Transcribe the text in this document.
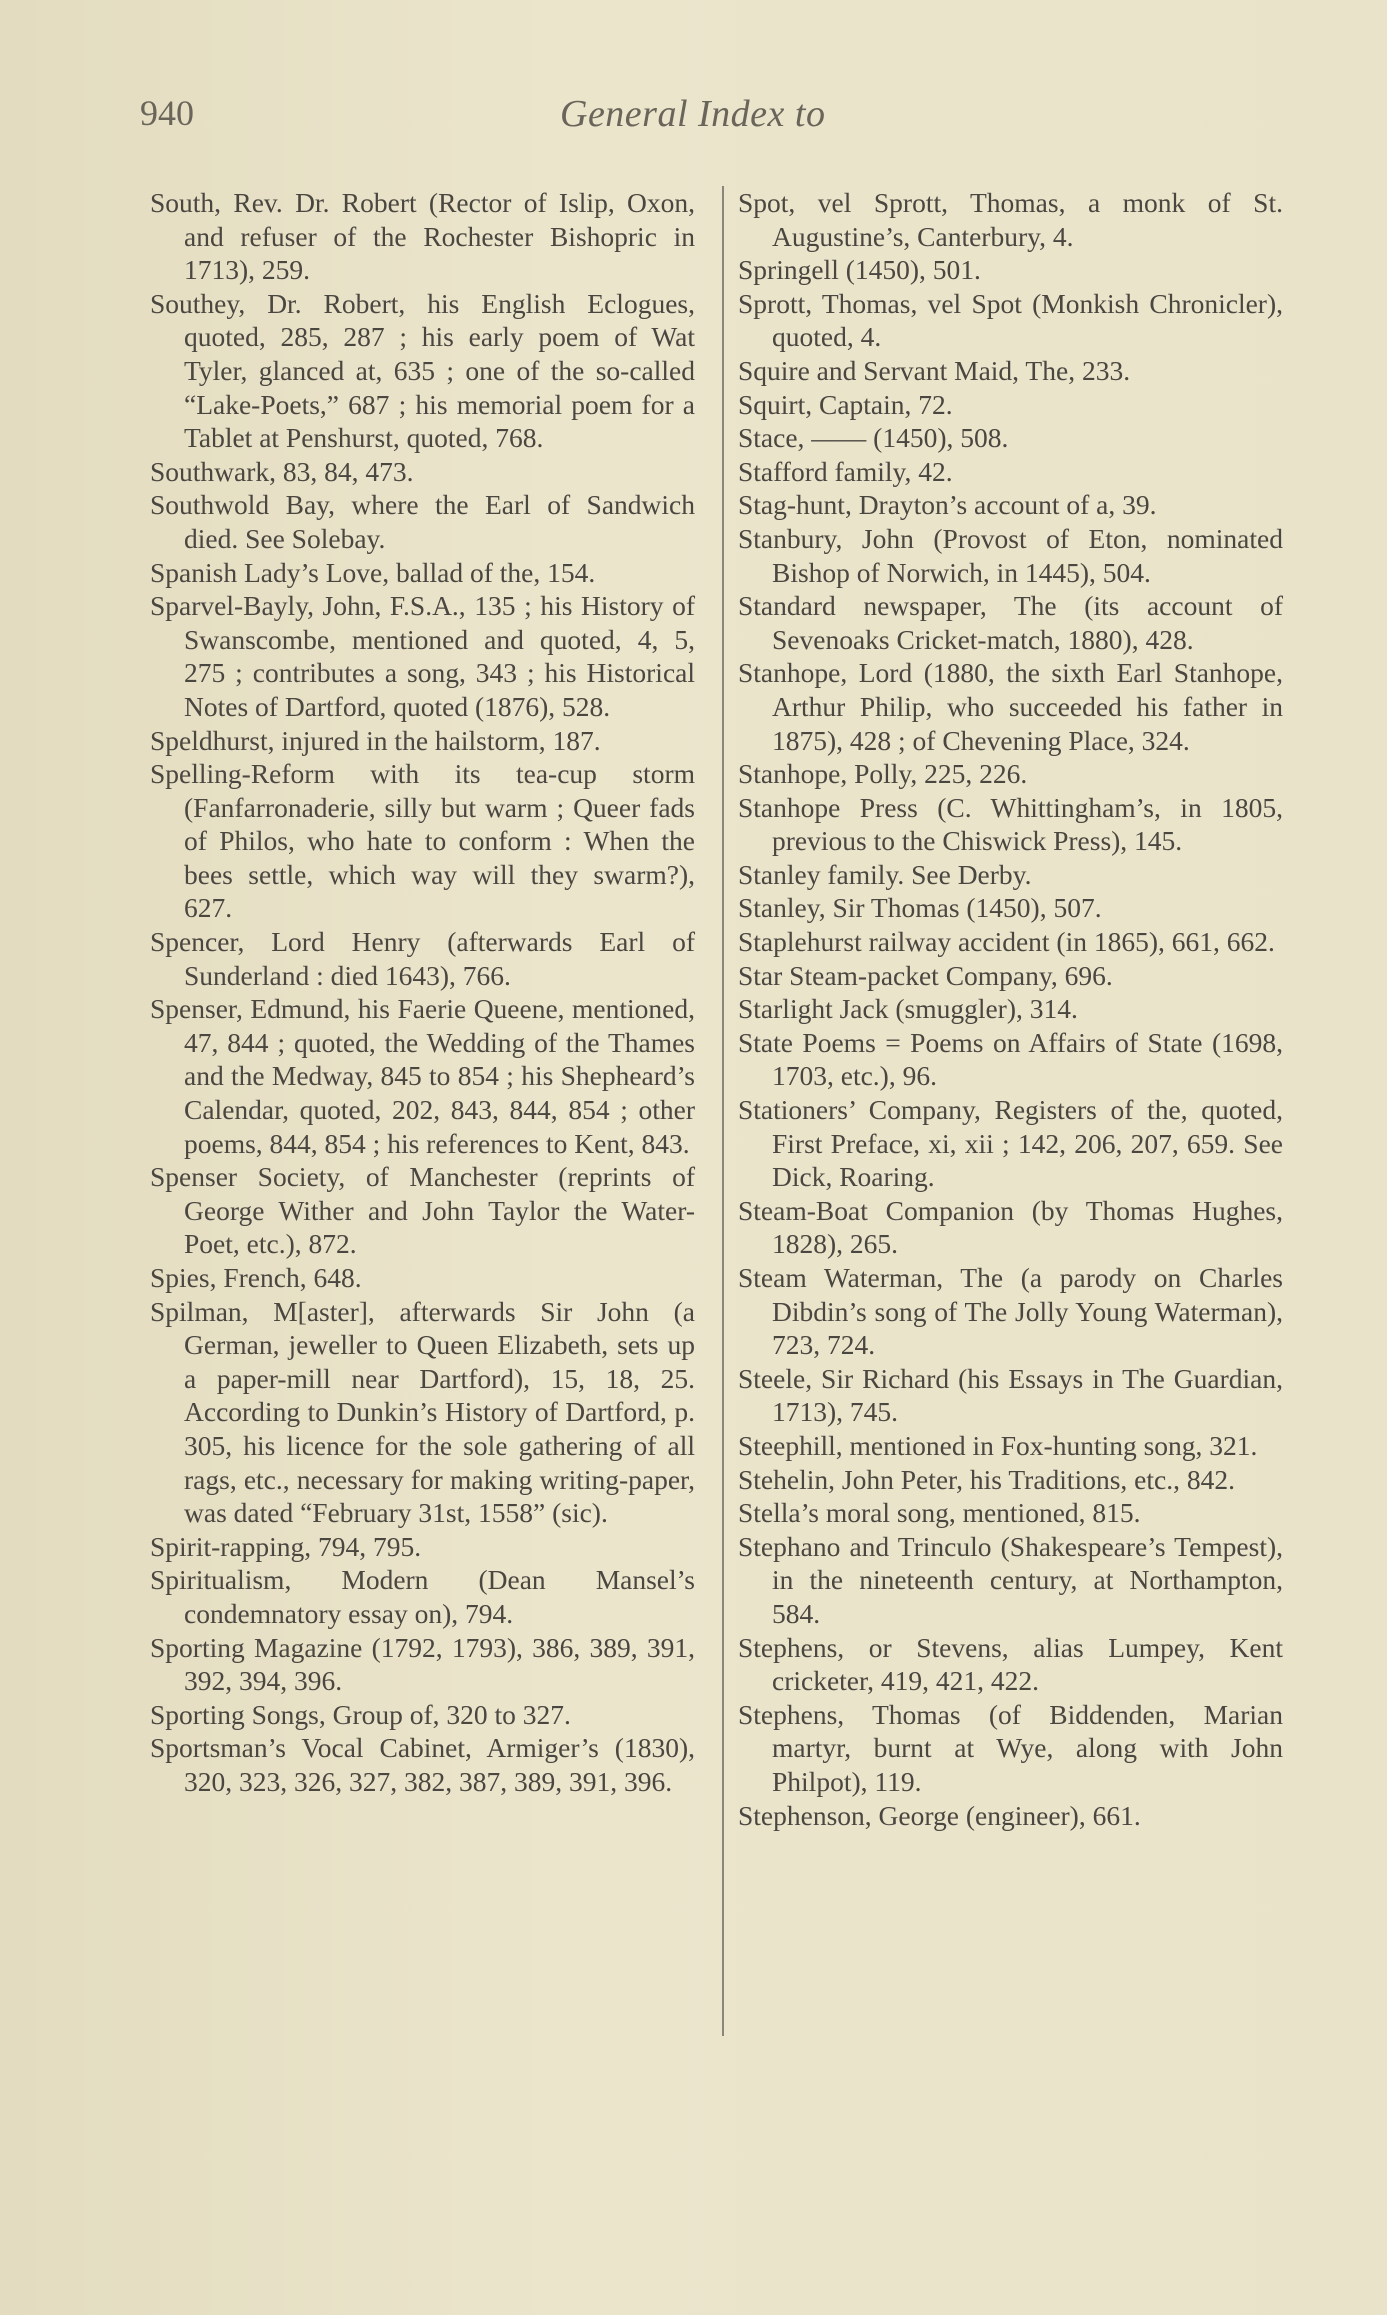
940	General Index to

South, Rev. Dr. Robert (Rector of Islip, Oxon, and refuser of the Rochester Bishopric in 1713), 259.

Southey, Dr. Robert, his English Eclogues, quoted, 285, 287 ; his early poem of Wat Tyler, glanced at, 635 ; one of the so-called “Lake-Poets,” 687 ; his memorial poem for a Tablet at Penshurst, quoted, 768.

Southwark, 83, 84, 473.

Southwold Bay, where the Earl of Sandwich died. See Solebay.

Spanish Lady’s Love, ballad of the, 154.

Sparvel-Bayly, John, F.S.A., 135 ; his History of Swanscombe, mentioned and quoted, 4, 5, 275 ; contributes a song, 343 ; his Historical Notes of Dartford, quoted (1876), 528.

Speldhurst, injured in the hailstorm, 187.

Spelling-Reform with its tea-cup storm (Fanfarronaderie, silly but warm ; Queer fads of Philos, who hate to conform : When the bees settle, which way will they swarm?), 627.

Spencer, Lord Henry (afterwards Earl of Sunderland : died 1643), 766.

Spenser, Edmund, his Faerie Queene, mentioned, 47, 844 ; quoted, the Wedding of the Thames and the Medway, 845 to 854 ; his Shepheard’s Calendar, quoted, 202, 843, 844, 854 ; other poems, 844, 854 ; his references to Kent, 843.

Spenser Society, of Manchester (reprints of George Wither and John Taylor the Water-Poet, etc.), 872.

Spies, French, 648.

Spilman, M[aster], afterwards Sir John (a German, jeweller to Queen Elizabeth, sets up a paper-mill near Dartford), 15, 18, 25. According to Dunkin’s History of Dartford, p. 305, his licence for the sole gathering of all rags, etc., necessary for making writing-paper, was dated “February 31st, 1558” (sic).

Spirit-rapping, 794, 795.

Spiritualism, Modern (Dean Mansel’s condemnatory essay on), 794.

Sporting Magazine (1792, 1793), 386, 389, 391, 392, 394, 396.

Sporting Songs, Group of, 320 to 327.

Sportsman’s Vocal Cabinet, Armiger’s (1830), 320, 323, 326, 327, 382, 387, 389, 391, 396.

Spot, vel Sprott, Thomas, a monk of St. Augustine’s, Canterbury, 4.

Springell (1450), 501.

Sprott, Thomas, vel Spot (Monkish Chronicler), quoted, 4.

Squire and Servant Maid, The, 233.

Squirt, Captain, 72.

Stace, —— (1450), 508.

Stafford family, 42.

Stag-hunt, Drayton’s account of a, 39.

Stanbury, John (Provost of Eton, nominated Bishop of Norwich, in 1445), 504.

Standard newspaper, The (its account of Sevenoaks Cricket-match, 1880), 428.

Stanhope, Lord (1880, the sixth Earl Stanhope, Arthur Philip, who succeeded his father in 1875), 428 ; of Chevening Place, 324.

Stanhope, Polly, 225, 226.

Stanhope Press (C. Whittingham’s, in 1805, previous to the Chiswick Press), 145.

Stanley family. See Derby.

Stanley, Sir Thomas (1450), 507.

Staplehurst railway accident (in 1865), 661, 662.

Star Steam-packet Company, 696.

Starlight Jack (smuggler), 314.

State Poems = Poems on Affairs of State (1698, 1703, etc.), 96.

Stationers’ Company, Registers of the, quoted, First Preface, xi, xii ; 142, 206, 207, 659. See Dick, Roaring.

Steam-Boat Companion (by Thomas Hughes, 1828), 265.

Steam Waterman, The (a parody on Charles Dibdin’s song of The Jolly Young Waterman), 723, 724.

Steele, Sir Richard (his Essays in The Guardian, 1713), 745.

Steephill, mentioned in Fox-hunting song, 321.

Stehelin, John Peter, his Traditions, etc., 842.

Stella’s moral song, mentioned, 815.

Stephano and Trinculo (Shakespeare’s Tempest), in the nineteenth century, at Northampton, 584.

Stephens, or Stevens, alias Lumpey, Kent cricketer, 419, 421, 422.

Stephens, Thomas (of Biddenden, Marian martyr, burnt at Wye, along with John Philpot), 119.

Stephenson, George (engineer), 661.
